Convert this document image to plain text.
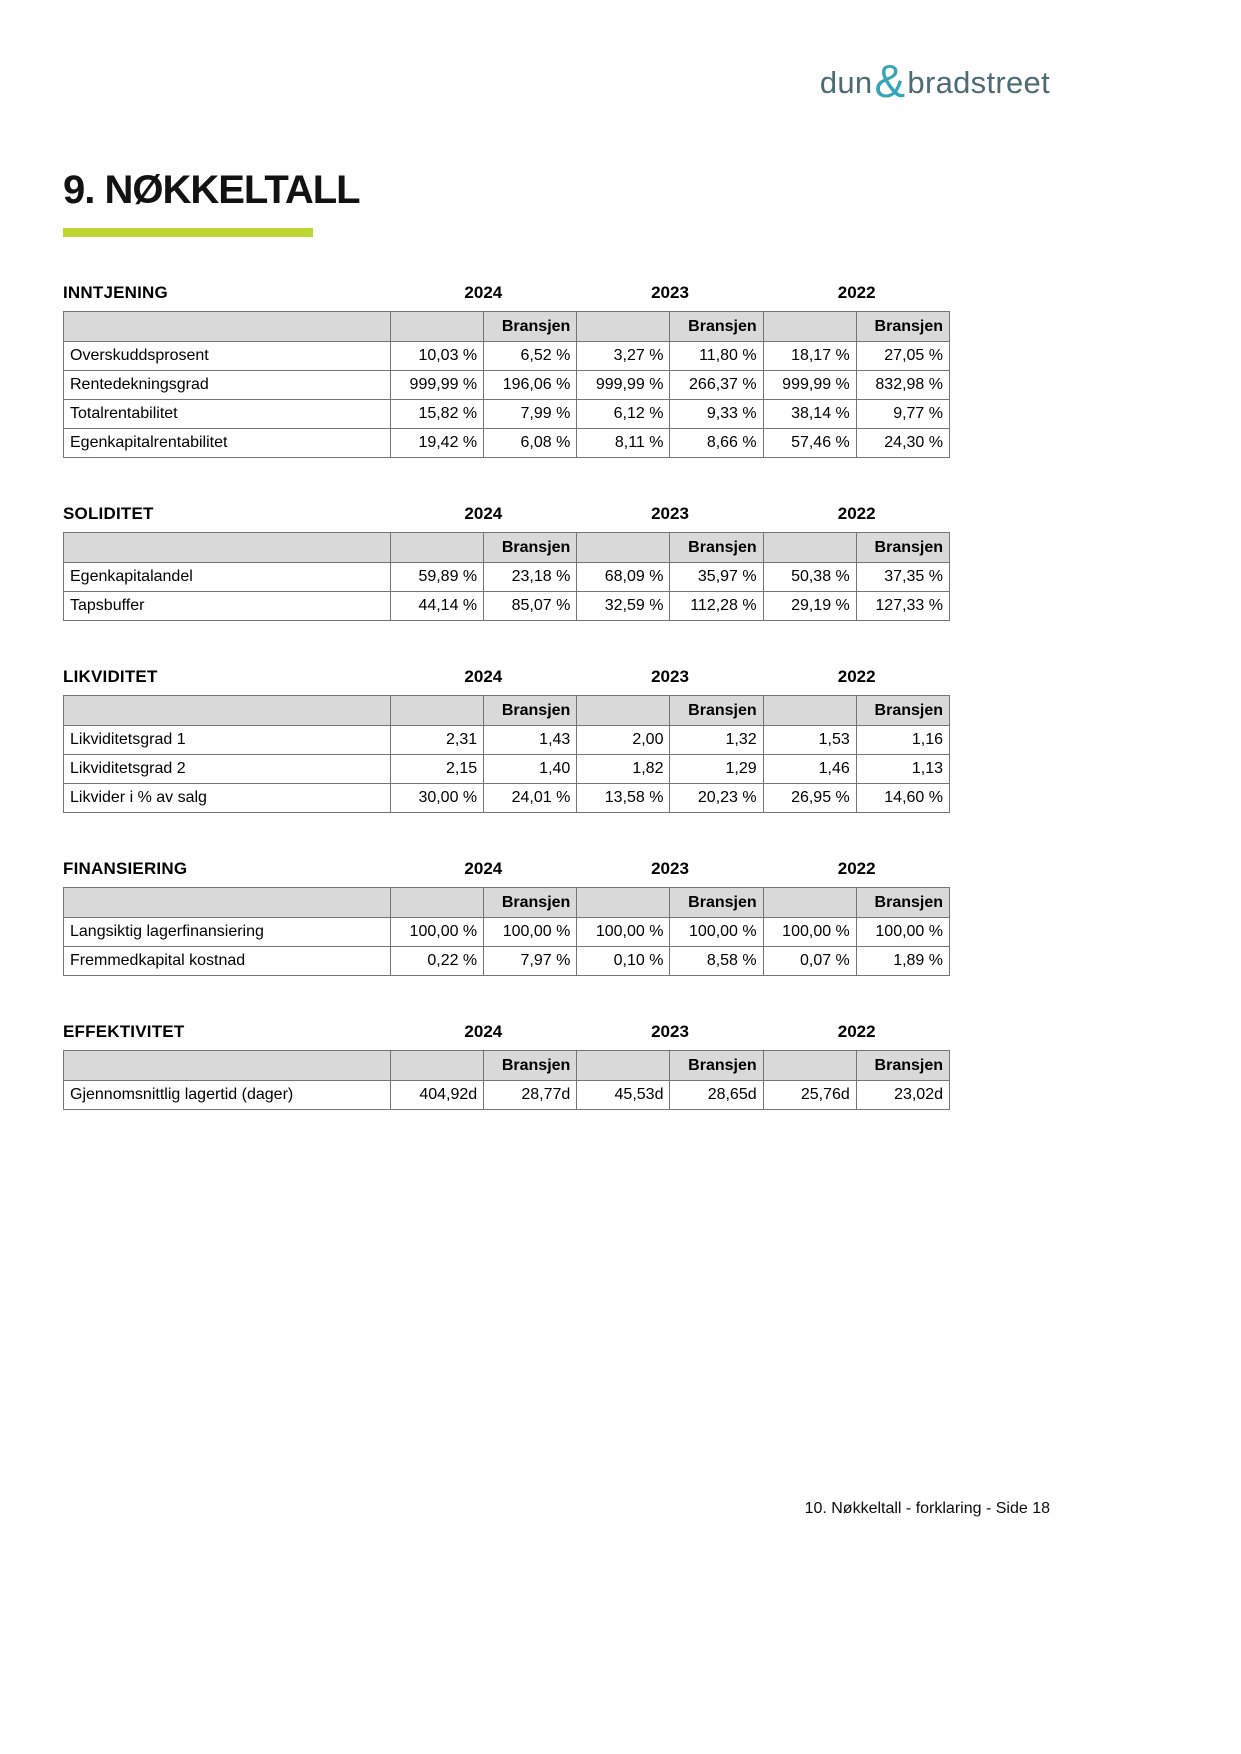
dun & bradstreet
9. NØKKELTALL
INNTJENING	2024	2023	2022
		Bransjen		Bransjen		Bransjen
Overskuddsprosent	10,03 %	6,52 %	3,27 %	11,80 %	18,17 %	27,05 %
Rentedekningsgrad	999,99 %	196,06 %	999,99 %	266,37 %	999,99 %	832,98 %
Totalrentabilitet	15,82 %	7,99 %	6,12 %	9,33 %	38,14 %	9,77 %
Egenkapitalrentabilitet	19,42 %	6,08 %	8,11 %	8,66 %	57,46 %	24,30 %
SOLIDITET	2024	2023	2022
		Bransjen		Bransjen		Bransjen
Egenkapitalandel	59,89 %	23,18 %	68,09 %	35,97 %	50,38 %	37,35 %
Tapsbuffer	44,14 %	85,07 %	32,59 %	112,28 %	29,19 %	127,33 %
LIKVIDITET	2024	2023	2022
		Bransjen		Bransjen		Bransjen
Likviditetsgrad 1	2,31	1,43	2,00	1,32	1,53	1,16
Likviditetsgrad 2	2,15	1,40	1,82	1,29	1,46	1,13
Likvider i % av salg	30,00 %	24,01 %	13,58 %	20,23 %	26,95 %	14,60 %
FINANSIERING	2024	2023	2022
		Bransjen		Bransjen		Bransjen
Langsiktig lagerfinansiering	100,00 %	100,00 %	100,00 %	100,00 %	100,00 %	100,00 %
Fremmedkapital kostnad	0,22 %	7,97 %	0,10 %	8,58 %	0,07 %	1,89 %
EFFEKTIVITET	2024	2023	2022
		Bransjen		Bransjen		Bransjen
Gjennomsnittlig lagertid (dager)	404,92d	28,77d	45,53d	28,65d	25,76d	23,02d
10. Nøkkeltall - forklaring - Side 18
